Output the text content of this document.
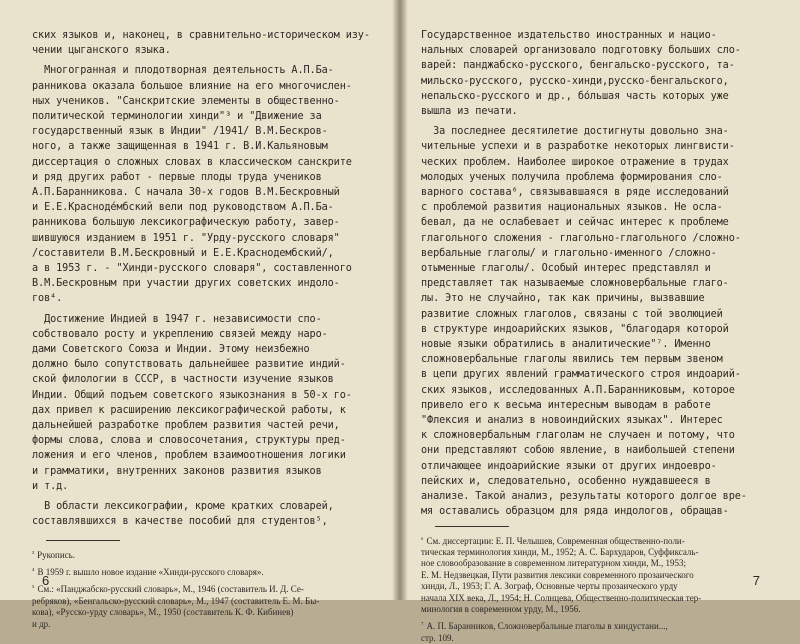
ских языков и, наконец, в сравнительно-историческом изу-
чении цыганского языка.

Многогранная и плодотворная деятельность А.П.Ба-
ранникова оказала большое влияние на его многочислен-
ных учеников. "Санскритские элементы в общественно-
политической терминологии хинди"³ и "Движение за
государственный язык в Индии" /1941/ В.М.Бескров-
ного, а также защищенная в 1941 г. В.И.Кальяновым
диссертация о сложных словах в классическом санскрите
и ряд других работ - первые плоды труда учеников
А.П.Баранникова. С начала 30-х годов В.М.Бескровный
и Е.Е.Красноде́мбский вели под руководством А.П.Ба-
ранникова большую лексикографическую работу, завер-
шившуюся изданием в 1951 г. "Урду-русского словаря"
/составители В.М.Бескровный и Е.Е.Краснодембский/,
а в 1953 г. - "Хинди-русского словаря", составленного
В.М.Бескровным при участии других советских индоло-
гов⁴.

Достижение Индией в 1947 г. независимости спо-
собствовало росту и укреплению связей между наро-
дами Советского Союза и Индии. Этому неизбежно
должно было сопутствовать дальнейшее развитие индий-
ской филологии в СССР, в частности изучение языков
Индии. Общий подъем советского языкознания в 50-х го-
дах привел к расширению лексикографической работы, к
дальнейшей разработке проблем развития частей речи,
формы слова, слова и словосочетания, структуры пред-
ложения и его членов, проблем взаимоотношения логики
и грамматики, внутренних законов развития языков
и т.д.

В области лексикографии, кроме кратких словарей,
составлявшихся в качестве пособий для студентов⁵,

$^{^3}$ Рукопись.

$^{^4}$ В 1959 г. вышло новое издание «Хинди-русского словаря».

$^{^5}$ См.: «Панджабско-русский словарь», М., 1946 (составитель И. Д. Се-
ребряков), «Бенгальско-русский словарь», М., 1947 (составитель Е. М. Бы-
кова), «Русско-урду словарь», М., 1950 (составитель К. Ф. Кибинев)
и др.

6

Государственное издательство иностранных и нацио-
нальных словарей организовало подготовку больших сло-
варей: панджабско-русского, бенгальско-русского, та-
мильско-русского, русско-хинди,русско-бенгальского,
непальско-русского и др., бо́льшая часть которых уже
вышла из печати.

За последнее десятилетие достигнуты довольно зна-
чительные успехи и в разработке некоторых лингвисти-
ческих проблем. Наиболее широкое отражение в трудах
молодых ученых получила проблема формирования сло-
варного состава⁶, связывавшаяся в ряде исследований
с проблемой развития национальных языков. Не осла-
бевал, да не ослабевает и сейчас интерес к проблеме
глагольного сложения - глагольно-глагольного /сложно-
вербальные глаголы/ и глагольно-именного /сложно-
отыменные глаголы/. Особый интерес представлял и
представляет так называемые сложновербальные глаго-
лы. Это не случайно, так как причины, вызвавшие
развитие сложных глаголов, связаны с той эволюцией
в структуре индоарийских языков, "благодаря которой
новые языки обратились в аналитические"⁷. Именно
сложновербальные глаголы явились тем первым звеном
в цепи других явлений грамматического строя индоарий-
ских языков, исследованных А.П.Баранниковым, которое
привело его к весьма интересным выводам в работе
"Флексия и анализ в новоиндийских языках". Интерес
к сложновербальным глаголам не случаен и потому, что
они представляют собою явление, в наибольшей степени
отличающее индоарийские языки от других индоевро-
пейских и, следовательно, особенно нуждавшееся в
анализе. Такой анализ, результаты которого долгое вре-
мя оставались образцом для ряда индологов, обращав-

$^{^6}$ См. диссертации: Е. П. Челышев, Современная общественно-поли-
тическая терминология хинди, М., 1952; А. С. Бархударов, Суффиксаль-
ное словообразование в современном литературном хинди, М., 1953;
Е. М. Недзвецкая, Пути развития лексики современного прозаического
хинди, Л., 1953; Г. А. Зограф, Основные черты прозаического урду
начала XIX века, Л., 1954; Н. Солнцева, Общественно-политическая тер-
минология в современном урду, М., 1956.

$^{^7}$ А. П. Баранников, Сложновербальные глаголы в хиндустани...,
стр. 109.

7
